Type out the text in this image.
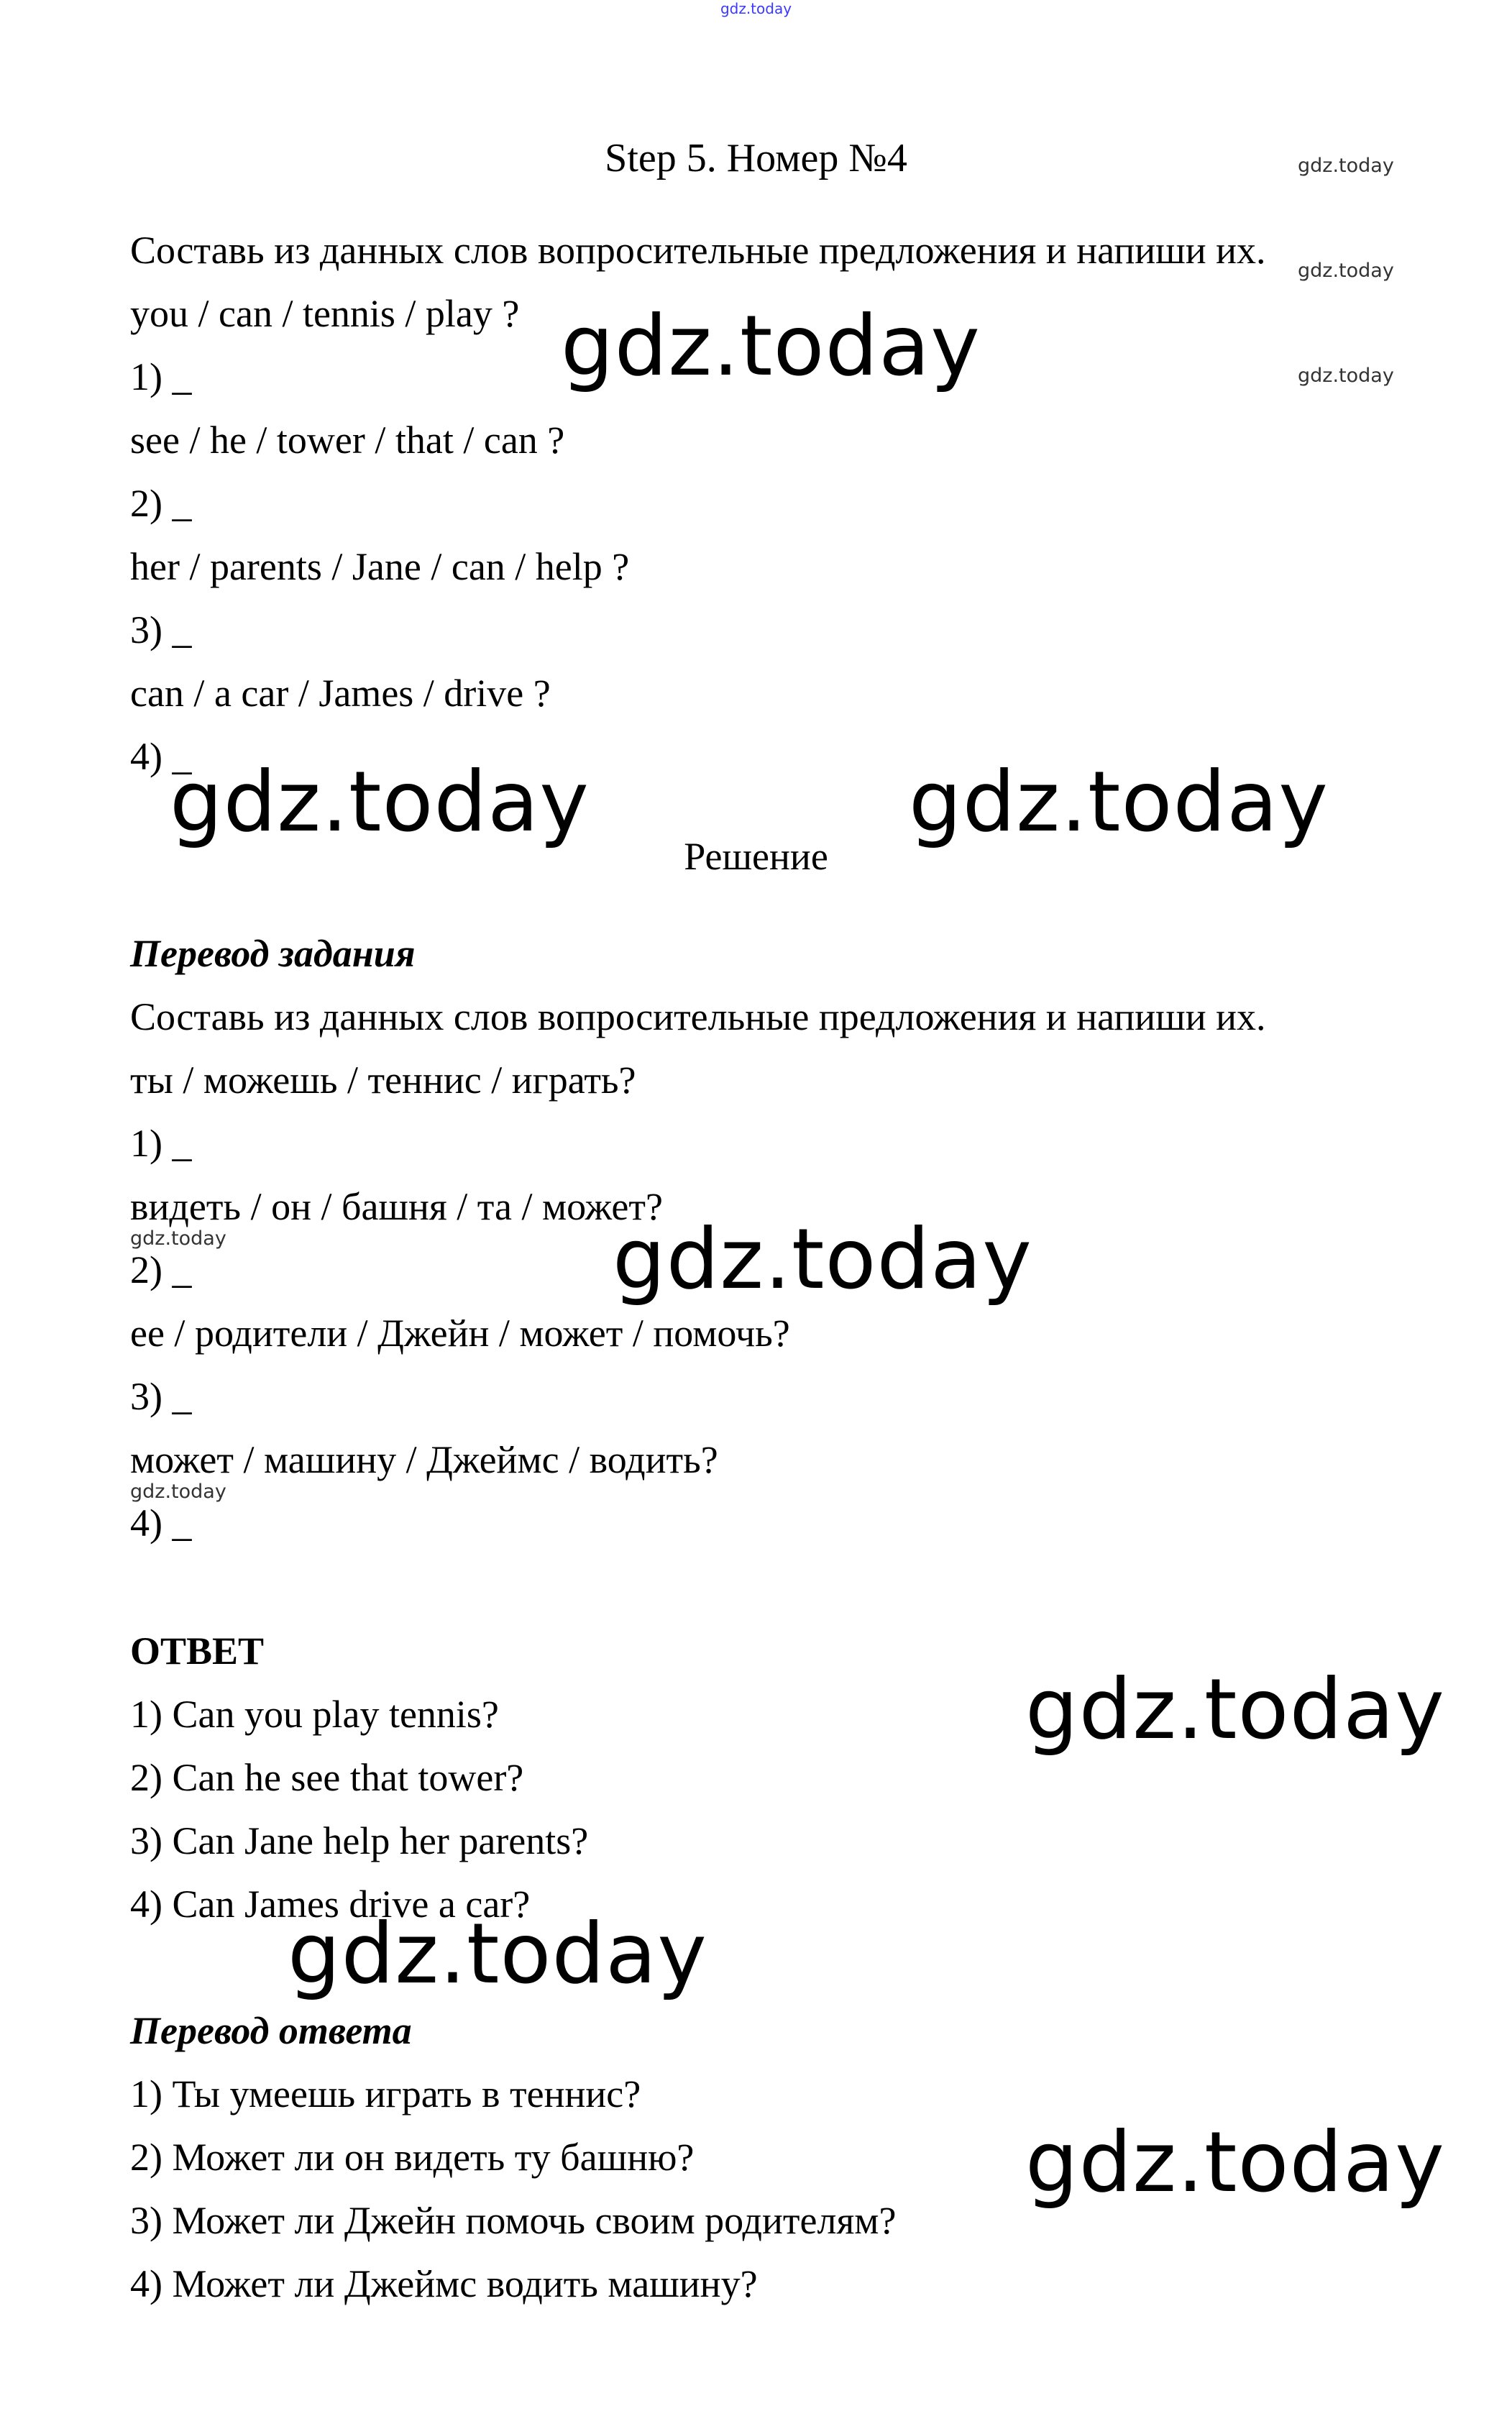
gdz.today
Step 5. Номер №4
Составь из данных слов вопросительные предложения и напиши их.
you / can / tennis / play ?
1) _
see / he / tower / that / can ?
2) _
her / parents / Jane / can / help ?
3) _
can / a car / James / drive ?
4) _
Решение
Перевод задания
Составь из данных слов вопросительные предложения и напиши их.
ты / можешь / теннис / играть?
1) _
видеть / он / башня / та / может?
2) _
ее / родители / Джейн / может / помочь?
3) _
может / машину / Джеймс / водить?
4) _
ОТВЕТ
1) Can you play tennis?
2) Can he see that tower?
3) Can Jane help her parents?
4) Can James drive a car?
Перевод ответа
1) Ты умеешь играть в теннис?
2) Может ли он видеть ту башню?
3) Может ли Джейн помочь своим родителям?
4) Может ли Джеймс водить машину?
gdz.today
gdz.today	gdz.today
gdz.today
gdz.today
gdz.today
gdz.today
gdz.today
gdz.today
gdz.today
gdz.today
gdz.today
